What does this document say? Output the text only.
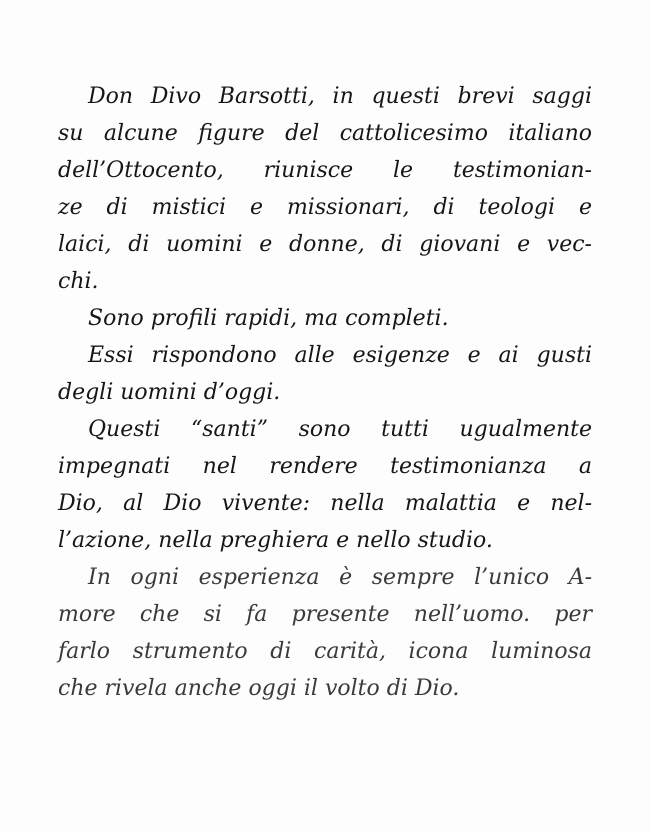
Don Divo Barsotti, in questi brevi saggi
su alcune figure del cattolicesimo italiano
dell’Ottocento, riunisce le testimonian-
ze di mistici e missionari, di teologi e
laici, di uomini e donne, di giovani e vec-
chi.

Sono profili rapidi, ma completi.

Essi rispondono alle esigenze e ai gusti
degli uomini d’oggi.

Questi “santi” sono tutti ugualmente
impegnati nel rendere testimonianza a
Dio, al Dio vivente: nella malattia e nel-
l’azione, nella preghiera e nello studio.

In ogni esperienza è sempre l’unico A-
more che si fa presente nell’uomo. per
farlo strumento di carità, icona luminosa
che rivela anche oggi il volto di Dio.
